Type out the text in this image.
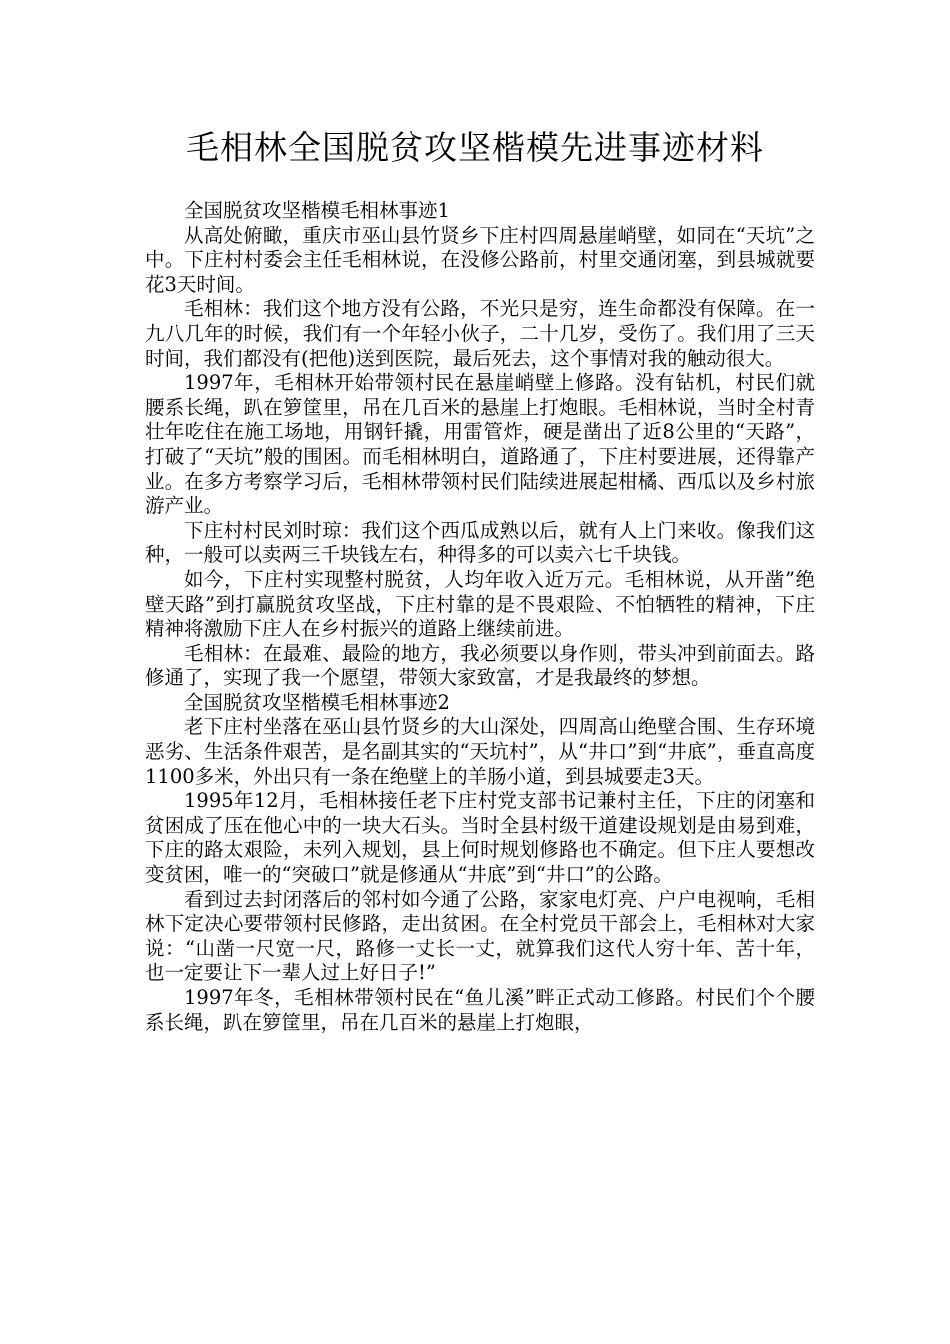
毛相林全国脱贫攻坚楷模先进事迹材料

全国脱贫攻坚楷模毛相林事迹1

从高处俯瞰，重庆市巫山县竹贤乡下庄村四周悬崖峭壁，如同在“天坑”之中。下庄村村委会主任毛相林说，在没修公路前，村里交通闭塞，到县城就要花3天时间。

毛相林：我们这个地方没有公路，不光只是穷，连生命都没有保障。在一九八几年的时候，我们有一个年轻小伙子，二十几岁，受伤了。我们用了三天时间，我们都没有(把他)送到医院，最后死去，这个事情对我的触动很大。

1997年，毛相林开始带领村民在悬崖峭壁上修路。没有钻机，村民们就腰系长绳，趴在箩筐里，吊在几百米的悬崖上打炮眼。毛相林说，当时全村青壮年吃住在施工场地，用钢钎撬，用雷管炸，硬是凿出了近8公里的“天路”，打破了“天坑”般的围困。而毛相林明白，道路通了，下庄村要进展，还得靠产业。在多方考察学习后，毛相林带领村民们陆续进展起柑橘、西瓜以及乡村旅游产业。

下庄村村民刘时琼：我们这个西瓜成熟以后，就有人上门来收。像我们这种，一般可以卖两三千块钱左右，种得多的可以卖六七千块钱。

如今，下庄村实现整村脱贫，人均年收入近万元。毛相林说，从开凿”绝壁天路”到打赢脱贫攻坚战，下庄村靠的是不畏艰险、不怕牺牲的精神，下庄精神将激励下庄人在乡村振兴的道路上继续前进。

毛相林：在最难、最险的地方，我必须要以身作则，带头冲到前面去。路修通了，实现了我一个愿望，带领大家致富，才是我最终的梦想。

全国脱贫攻坚楷模毛相林事迹2

老下庄村坐落在巫山县竹贤乡的大山深处，四周高山绝壁合围、生存环境恶劣、生活条件艰苦，是名副其实的“天坑村”，从“井口”到“井底”，垂直高度1100多米，外出只有一条在绝壁上的羊肠小道，到县城要走3天。

1995年12月，毛相林接任老下庄村党支部书记兼村主任，下庄的闭塞和贫困成了压在他心中的一块大石头。当时全县村级干道建设规划是由易到难，下庄的路太艰险，未列入规划，县上何时规划修路也不确定。但下庄人要想改变贫困，唯一的“突破口”就是修通从“井底”到“井口”的公路。

看到过去封闭落后的邻村如今通了公路，家家电灯亮、户户电视响，毛相林下定决心要带领村民修路，走出贫困。在全村党员干部会上，毛相林对大家说：“山凿一尺宽一尺，路修一丈长一丈，就算我们这代人穷十年、苦十年，也一定要让下一辈人过上好日子!”

1997年冬，毛相林带领村民在“鱼儿溪”畔正式动工修路。村民们个个腰系长绳，趴在箩筐里，吊在几百米的悬崖上打炮眼，
